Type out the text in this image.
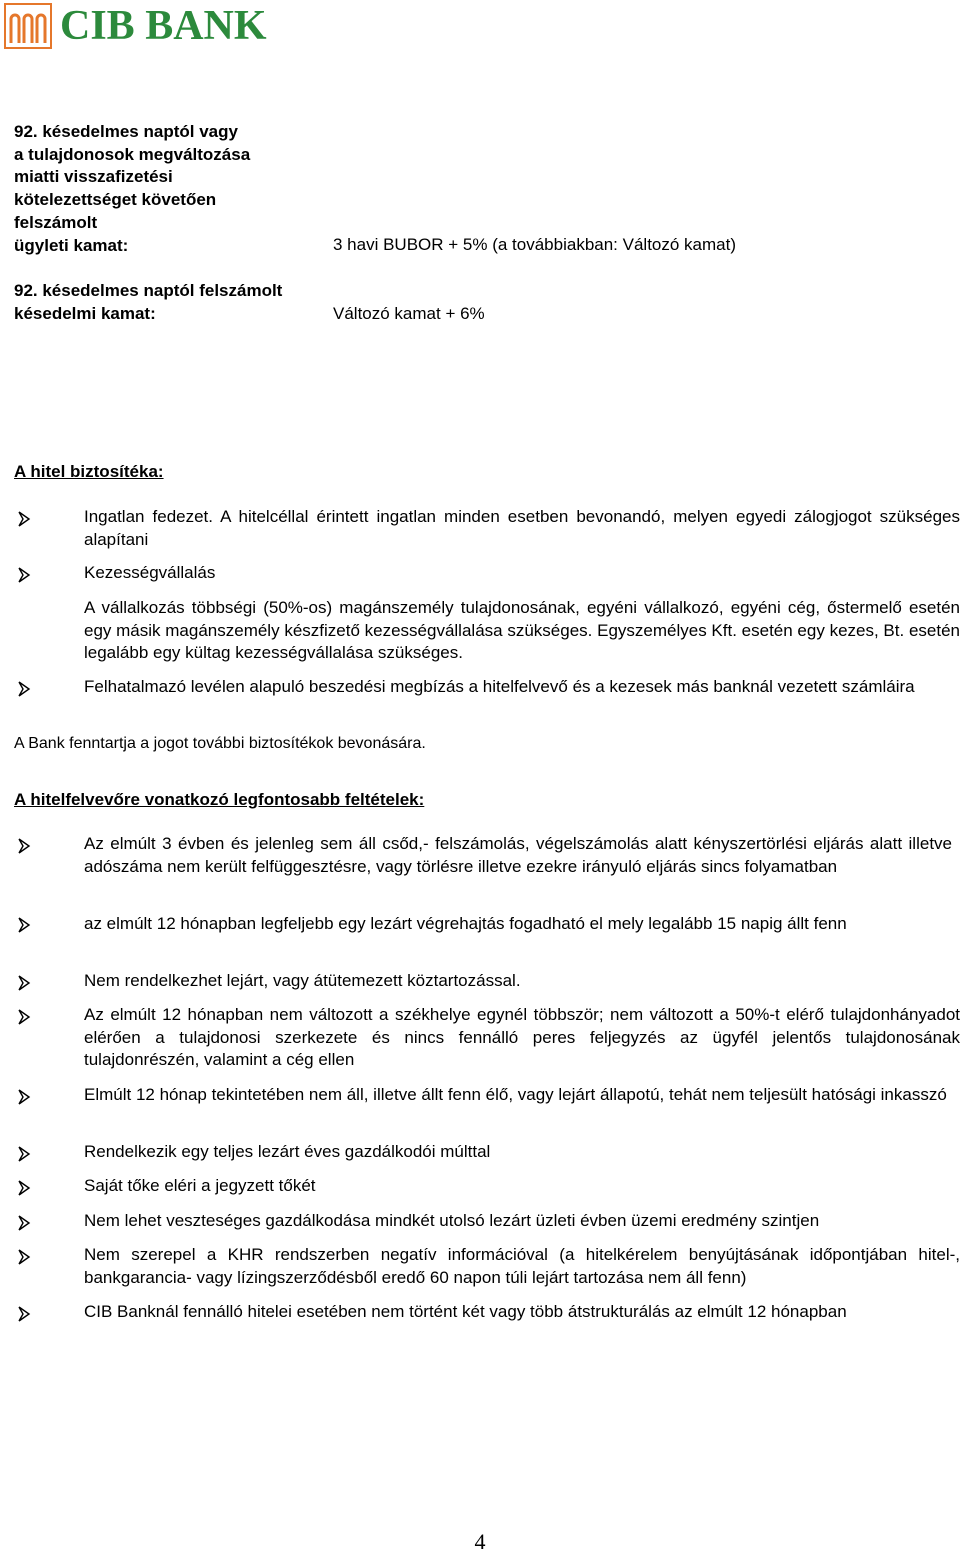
CIB BANK
92. késedelmes naptól vagy
a tulajdonosok megváltozása
miatti visszafizetési
kötelezettséget követően
felszámolt
ügyleti kamat:	3 havi BUBOR + 5% (a továbbiakban: Változó kamat)
92. késedelmes naptól felszámolt
késedelmi kamat:	Változó kamat + 6%
A hitel biztosítéka:
Ingatlan fedezet. A hitelcéllal érintett ingatlan minden esetben bevonandó, melyen egyedi zálogjogot szükséges alapítani
Kezességvállalás
A vállalkozás többségi (50%-os) magánszemély tulajdonosának, egyéni vállalkozó, egyéni cég, őstermelő esetén egy másik magánszemély készfizető kezességvállalása szükséges. Egyszemélyes Kft. esetén egy kezes, Bt. esetén legalább egy kültag kezességvállalása szükséges.
Felhatalmazó levélen alapuló beszedési megbízás a hitelfelvevő és a kezesek más banknál vezetett számláira
A Bank fenntartja a jogot további biztosítékok bevonására.
A hitelfelvevőre vonatkozó legfontosabb feltételek:
Az elmúlt 3 évben és jelenleg sem áll csőd,- felszámolás, végelszámolás alatt kényszertörlési eljárás alatt illetve adószáma nem került felfüggesztésre, vagy törlésre illetve ezekre irányuló eljárás sincs folyamatban
az elmúlt 12 hónapban legfeljebb egy lezárt végrehajtás fogadható el mely legalább 15 napig állt fenn
Nem rendelkezhet lejárt, vagy átütemezett köztartozással.
Az elmúlt 12 hónapban nem változott a székhelye egynél többször; nem változott a 50%-t elérő tulajdonhányadot elérően a tulajdonosi szerkezete és nincs fennálló peres feljegyzés az ügyfél jelentős tulajdonosának tulajdonrészén, valamint a cég ellen
Elmúlt 12 hónap tekintetében nem áll, illetve állt fenn élő, vagy lejárt állapotú, tehát nem teljesült hatósági inkasszó
Rendelkezik egy teljes lezárt éves gazdálkodói múlttal
Saját tőke eléri a jegyzett tőkét
Nem lehet veszteséges gazdálkodása mindkét utolsó lezárt üzleti évben üzemi eredmény szintjen
Nem szerepel a KHR rendszerben negatív információval (a hitelkérelem benyújtásának időpontjában hitel-, bankgarancia- vagy lízingszerződésből eredő 60 napon túli lejárt tartozása nem áll fenn)
CIB Banknál fennálló hitelei esetében nem történt két vagy több átstrukturálás az elmúlt 12 hónapban
4
